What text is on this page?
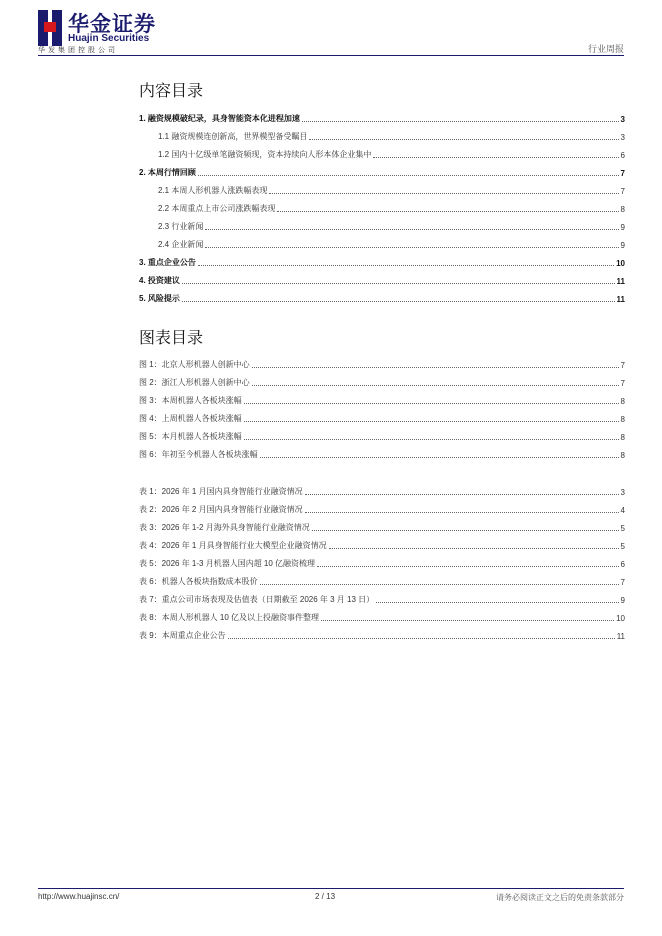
华金证券
Huajin Securities
华发集团控股公司	行业周报
内容目录
1. 融资规模破纪录，具身智能资本化进程加速	3
1.1 融资规模连创新高，世界模型备受瞩目	3
1.2 国内十亿级单笔融资频现，资本持续向人形本体企业集中	6
2. 本周行情回顾	7
2.1 本周人形机器人涨跌幅表现	7
2.2 本周重点上市公司涨跌幅表现	8
2.3 行业新闻	9
2.4 企业新闻	9
3. 重点企业公告	10
4. 投资建议	11
5. 风险提示	11
图表目录
图 1：北京人形机器人创新中心	7
图 2：浙江人形机器人创新中心	7
图 3：本周机器人各板块涨幅	8
图 4：上周机器人各板块涨幅	8
图 5：本月机器人各板块涨幅	8
图 6：年初至今机器人各板块涨幅	8
表 1：2026 年 1 月国内具身智能行业融资情况	3
表 2：2026 年 2 月国内具身智能行业融资情况	4
表 3：2026 年 1-2 月海外具身智能行业融资情况	5
表 4：2026 年 1 月具身智能行业大模型企业融资情况	5
表 5：2026 年 1-3 月机器人国内超 10 亿融资梳理	6
表 6：机器人各板块指数成本股价	7
表 7：重点公司市场表现及估值表（日期截至 2026 年 3 月 13 日）	9
表 8：本周人形机器人 10 亿及以上投融资事件整理	10
表 9：本周重点企业公告	11
http://www.huajinsc.cn/	2 / 13	请务必阅读正文之后的免责条款部分
